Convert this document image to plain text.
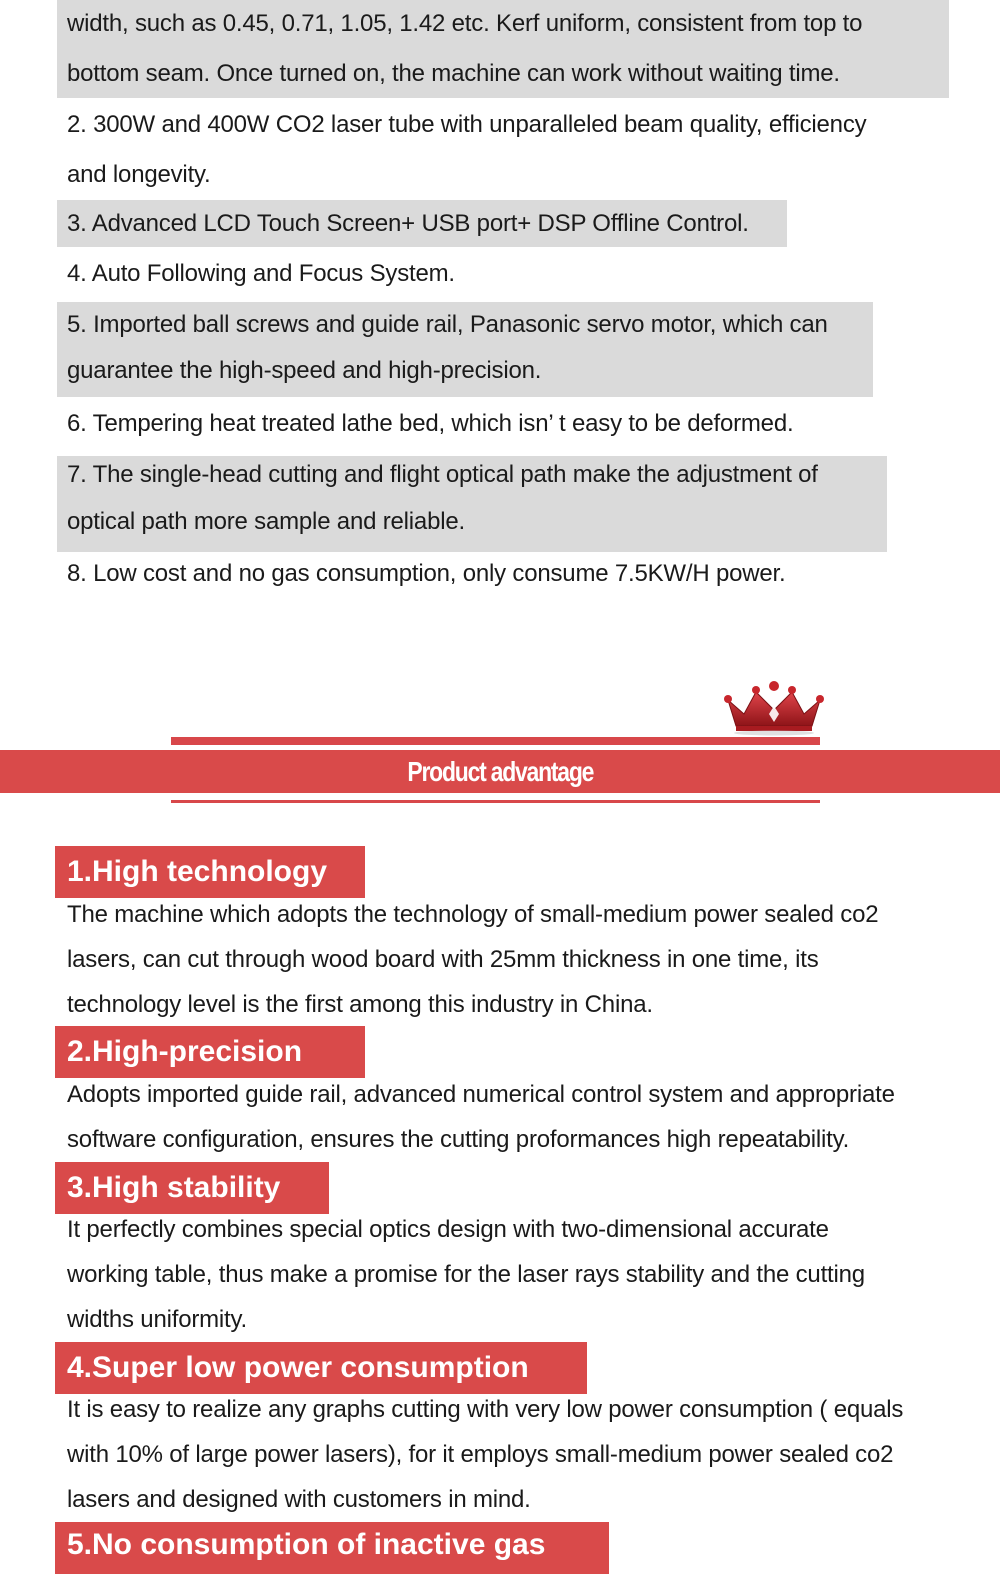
width, such as 0.45, 0.71, 1.05, 1.42 etc. Kerf uniform, consistent from top to
bottom seam. Once turned on, the machine can work without waiting time.
2. 300W and 400W CO2 laser tube with unparalleled beam quality, efficiency
and longevity.
3. Advanced LCD Touch Screen+ USB port+ DSP Offline Control.
4. Auto Following and Focus System.
5. Imported ball screws and guide rail, Panasonic servo motor, which can
guarantee the high-speed and high-precision.
6. Tempering heat treated lathe bed, which isn’ t easy to be deformed.
7. The single-head cutting and flight optical path make the adjustment of
optical path more sample and reliable.
8. Low cost and no gas consumption, only consume 7.5KW/H power.
Product advantage
1.High technology
The machine which adopts the technology of small-medium power sealed co2
lasers, can cut through wood board with 25mm thickness in one time, its
technology level is the first among this industry in China.
2.High-precision
Adopts imported guide rail, advanced numerical control system and appropriate
software configuration, ensures the cutting proformances high repeatability.
3.High stability
It perfectly combines special optics design with two-dimensional accurate
working table, thus make a promise for the laser rays stability and the cutting
widths uniformity.
4.Super low power consumption
It is easy to realize any graphs cutting with very low power consumption ( equals
with 10% of large power lasers), for it employs small-medium power sealed co2
lasers and designed with customers in mind.
5.No consumption of inactive gas
